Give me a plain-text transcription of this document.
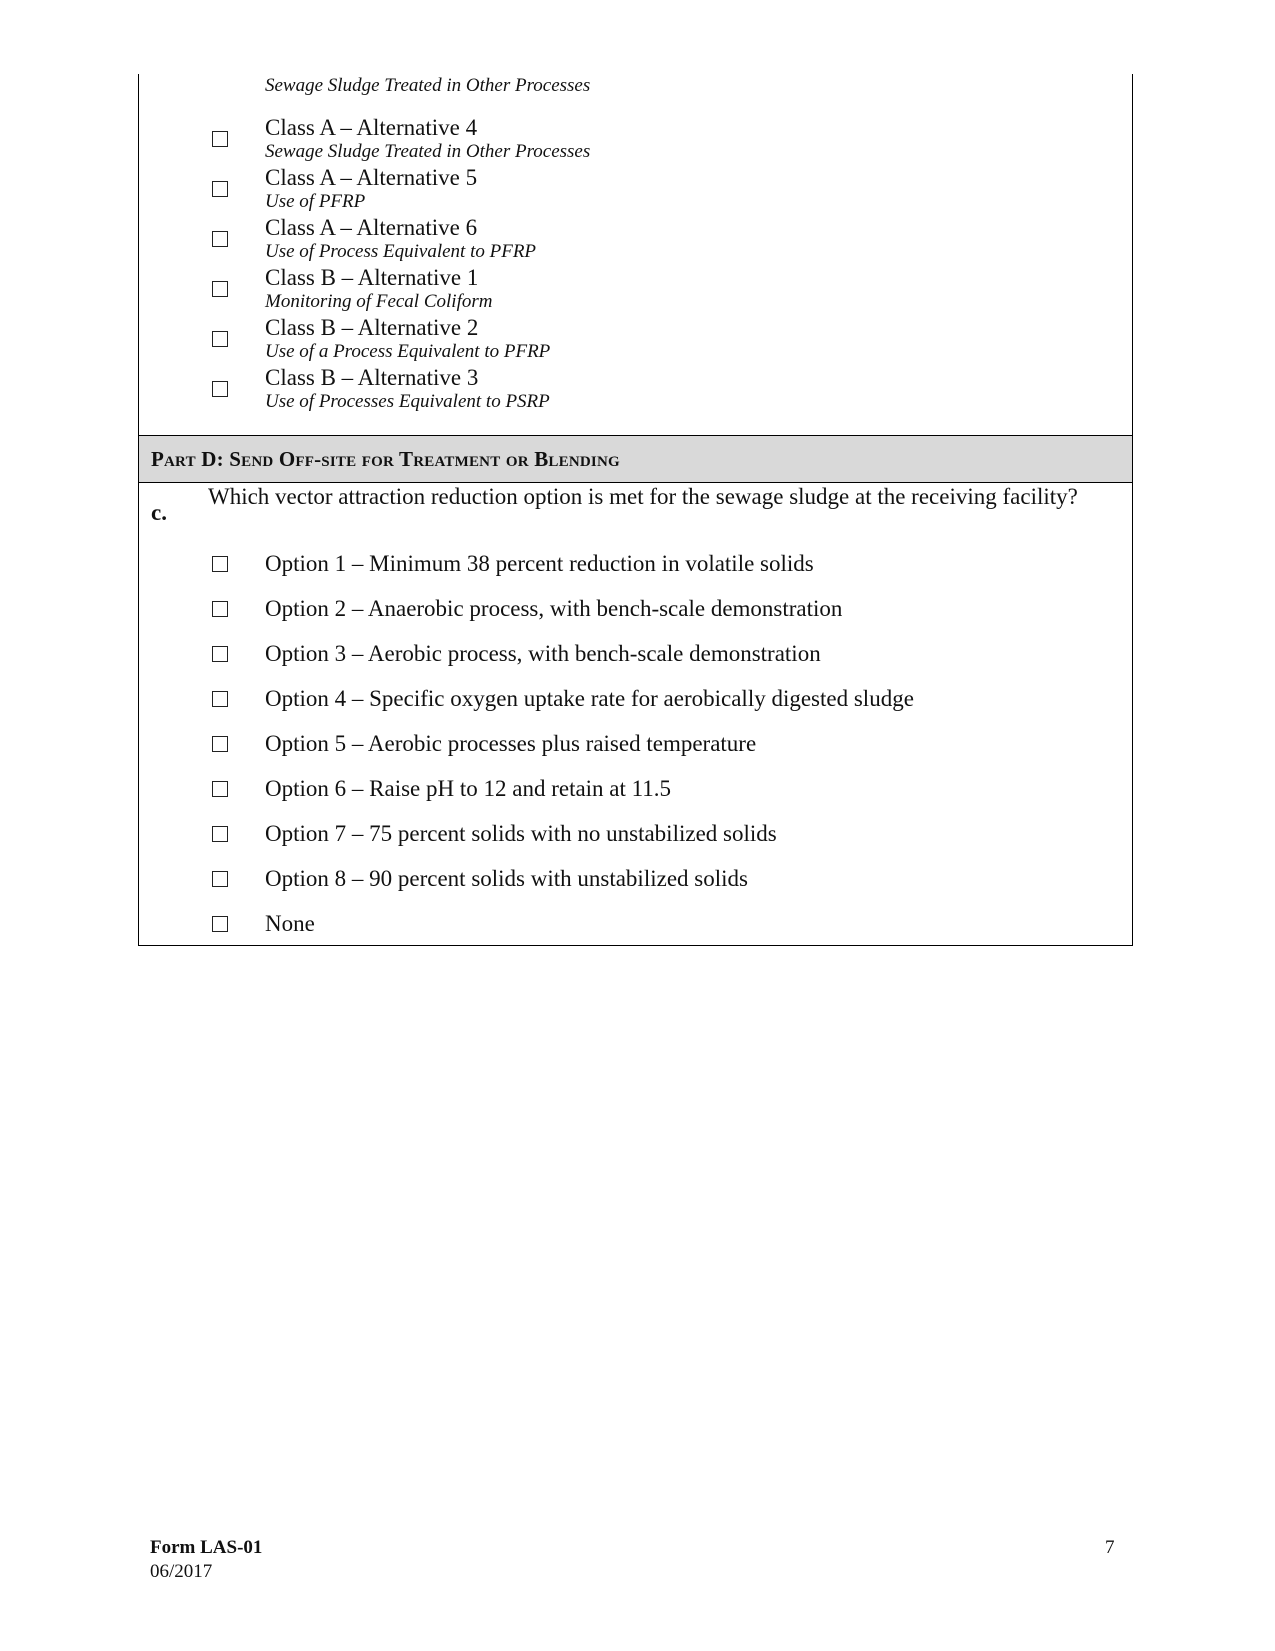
Sewage Sludge Treated in Other Processes
Class A – Alternative 4
Sewage Sludge Treated in Other Processes
Class A – Alternative 5
Use of PFRP
Class A – Alternative 6
Use of Process Equivalent to PFRP
Class B – Alternative 1
Monitoring of Fecal Coliform
Class B – Alternative 2
Use of a Process Equivalent to PFRP
Class B – Alternative 3
Use of Processes Equivalent to PSRP
Part D: Send Off-site for Treatment or Blending
c.
Which vector attraction reduction option is met for the sewage sludge at the receiving facility?
Option 1 – Minimum 38 percent reduction in volatile solids
Option 2 – Anaerobic process, with bench-scale demonstration
Option 3 – Aerobic process, with bench-scale demonstration
Option 4 – Specific oxygen uptake rate for aerobically digested sludge
Option 5 – Aerobic processes plus raised temperature
Option 6 – Raise pH to 12 and retain at 11.5
Option 7 – 75 percent solids with no unstabilized solids
Option 8 – 90 percent solids with unstabilized solids
None
Form LAS-01
06/2017
7
